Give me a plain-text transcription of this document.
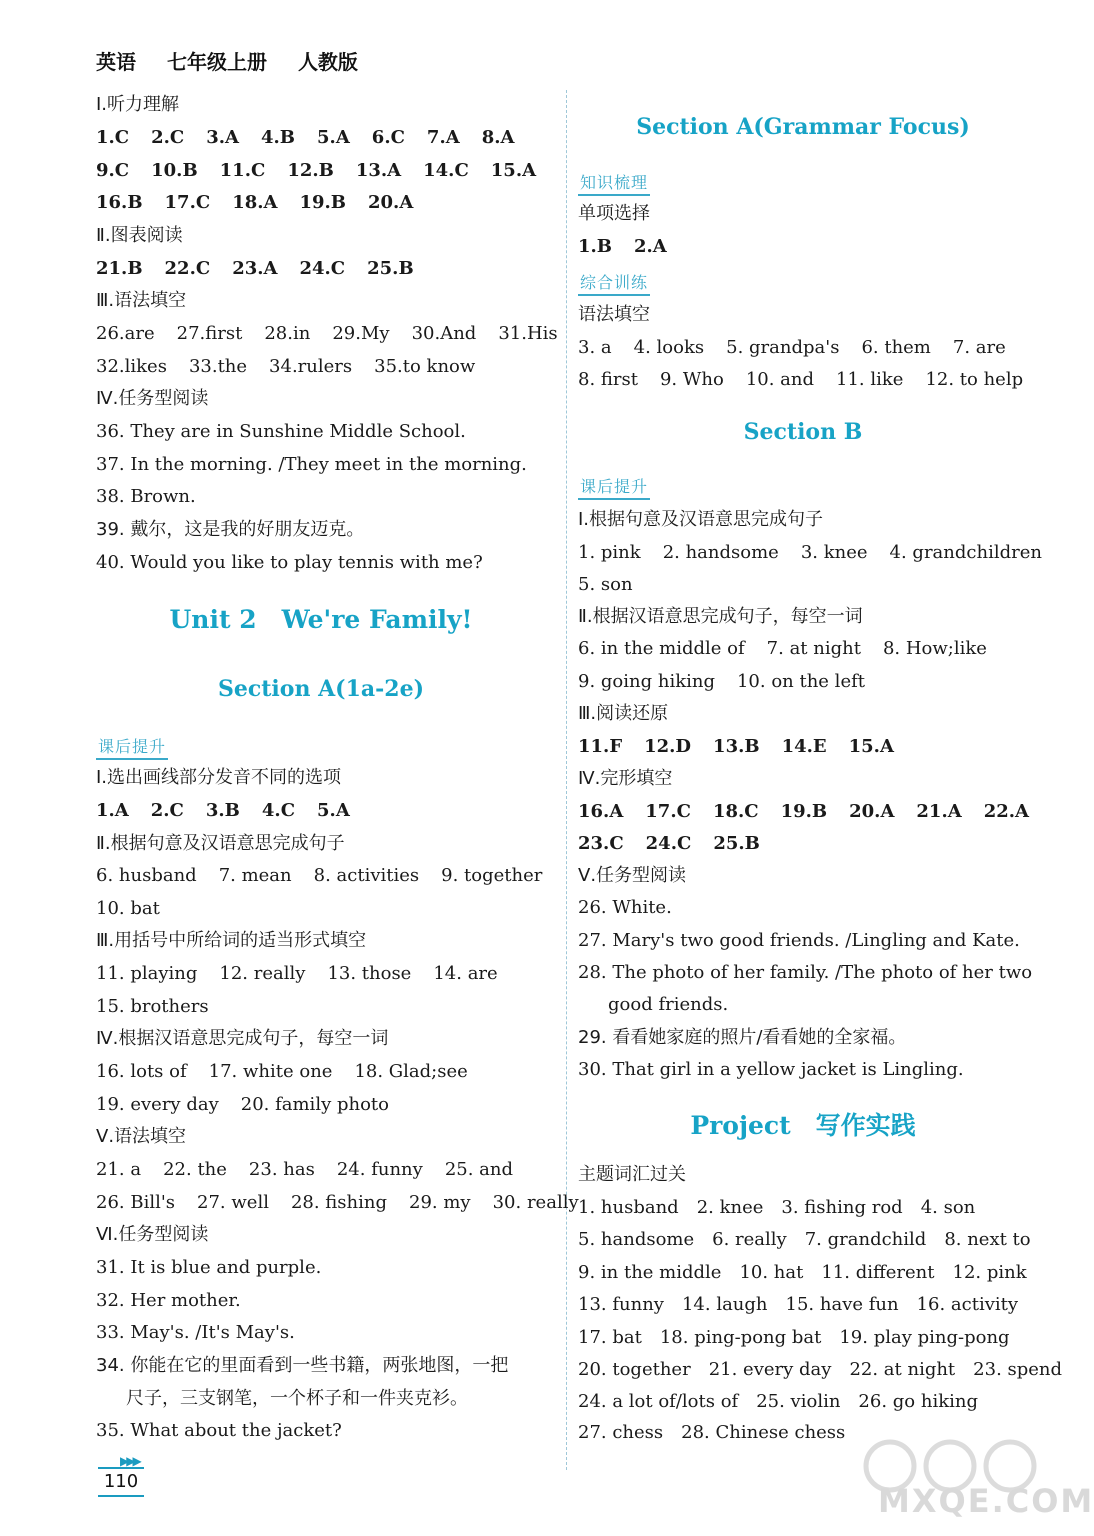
英语 七年级上册 人教版
Ⅰ.听力理解
1.C 2.C 3.A 4.B 5.A 6.C 7.A 8.A
9.C 10.B 11.C 12.B 13.A 14.C 15.A
16.B 17.C 18.A 19.B 20.A
Ⅱ.图表阅读
21.B 22.C 23.A 24.C 25.B
Ⅲ.语法填空
26.are 27.first 28.in 29.My 30.And 31.His
32.likes 33.the 34.rulers 35.to know
Ⅳ.任务型阅读
36. They are in Sunshine Middle School.
37. In the morning. /They meet in the morning.
38. Brown.
39. 戴尔，这是我的好朋友迈克。
40. Would you like to play tennis with me?
Unit 2　We're Family!
Section A(1a-2e)
课后提升
Ⅰ.选出画线部分发音不同的选项
1.A 2.C 3.B 4.C 5.A
Ⅱ.根据句意及汉语意思完成句子
6. husband 7. mean 8. activities 9. together
10. bat
Ⅲ.用括号中所给词的适当形式填空
11. playing 12. really 13. those 14. are
15. brothers
Ⅳ.根据汉语意思完成句子，每空一词
16. lots of 17. white one 18. Glad;see
19. every day 20. family photo
Ⅴ.语法填空
21. a 22. the 23. has 24. funny 25. and
26. Bill's 27. well 28. fishing 29. my 30. really
Ⅵ.任务型阅读
31. It is blue and purple.
32. Her mother.
33. May's. /It's May's.
34. 你能在它的里面看到一些书籍，两张地图，一把
尺子，三支钢笔，一个杯子和一件夹克衫。
35. What about the jacket?
Section A(Grammar Focus)
知识梳理
单项选择
1.B 2.A
综合训练
语法填空
3. a 4. looks 5. grandpa's 6. them 7. are
8. first 9. Who 10. and 11. like 12. to help
Section B
课后提升
Ⅰ.根据句意及汉语意思完成句子
1. pink 2. handsome 3. knee 4. grandchildren
5. son
Ⅱ.根据汉语意思完成句子，每空一词
6. in the middle of 7. at night 8. How;like
9. going hiking 10. on the left
Ⅲ.阅读还原
11.F 12.D 13.B 14.E 15.A
Ⅳ.完形填空
16.A 17.C 18.C 19.B 20.A 21.A 22.A
23.C 24.C 25.B
Ⅴ.任务型阅读
26. White.
27. Mary's two good friends. /Lingling and Kate.
28. The photo of her family. /The photo of her two
good friends.
29. 看看她家庭的照片/看看她的全家福。
30. That girl in a yellow jacket is Lingling.
Project　写作实践
主题词汇过关
1. husband 2. knee 3. fishing rod 4. son
5. handsome 6. really 7. grandchild 8. next to
9. in the middle 10. hat 11. different 12. pink
13. funny 14. laugh 15. have fun 16. activity
17. bat 18. ping-pong bat 19. play ping-pong
20. together 21. every day 22. at night 23. spend
24. a lot of/lots of 25. violin 26. go hiking
27. chess 28. Chinese chess
▶▶▶
110
MXQE.COM
